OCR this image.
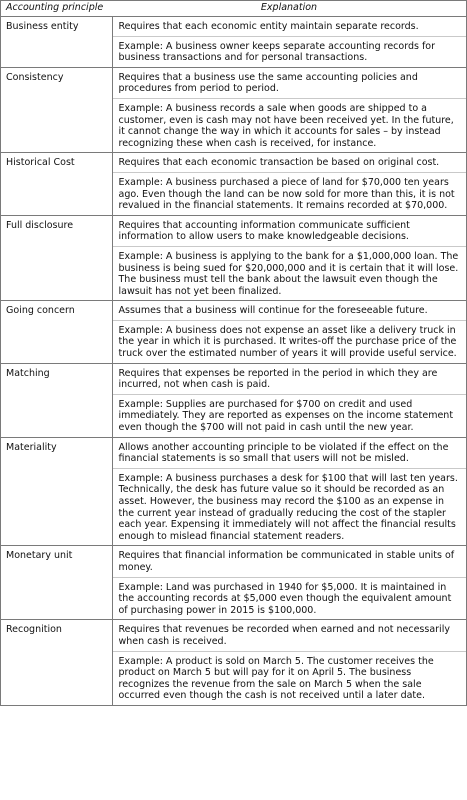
Accounting principle	Explanation
Business entity	Requires that each economic entity maintain separate records.
Example: A business owner keeps separate accounting records for business transactions and for personal transactions.

Consistency	Requires that a business use the same accounting policies and procedures from period to period.
Example: A business records a sale when goods are shipped to a customer, even is cash may not have been received yet. In the future, it cannot change the way in which it accounts for sales – by instead recognizing these when cash is received, for instance.

Historical Cost	Requires that each economic transaction be based on original cost.
Example: A business purchased a piece of land for $70,000 ten years ago. Even though the land can be now sold for more than this, it is not revalued in the financial statements. It remains recorded at $70,000.

Full disclosure	Requires that accounting information communicate sufficient information to allow users to make knowledgeable decisions.
Example: A business is applying to the bank for a $1,000,000 loan. The business is being sued for $20,000,000 and it is certain that it will lose. The business must tell the bank about the lawsuit even though the lawsuit has not yet been finalized.

Going concern	Assumes that a business will continue for the foreseeable future.
Example: A business does not expense an asset like a delivery truck in the year in which it is purchased. It writes-off the purchase price of the truck over the estimated number of years it will provide useful service.

Matching	Requires that expenses be reported in the period in which they are incurred, not when cash is paid.
Example: Supplies are purchased for $700 on credit and used immediately. They are reported as expenses on the income statement even though the $700 will not paid in cash until the new year.

Materiality	Allows another accounting principle to be violated if the effect on the financial statements is so small that users will not be misled.
Example: A business purchases a desk for $100 that will last ten years. Technically, the desk has future value so it should be recorded as an asset. However, the business may record the $100 as an expense in the current year instead of gradually reducing the cost of the stapler each year. Expensing it immediately will not affect the financial results enough to mislead financial statement readers.

Monetary unit	Requires that financial information be communicated in stable units of money.
Example: Land was purchased in 1940 for $5,000. It is maintained in the accounting records at $5,000 even though the equivalent amount of purchasing power in 2015 is $100,000.

Recognition	Requires that revenues be recorded when earned and not necessarily when cash is received.
Example: A product is sold on March 5. The customer receives the product on March 5 but will pay for it on April 5. The business recognizes the revenue from the sale on March 5 when the sale occurred even though the cash is not received until a later date.
